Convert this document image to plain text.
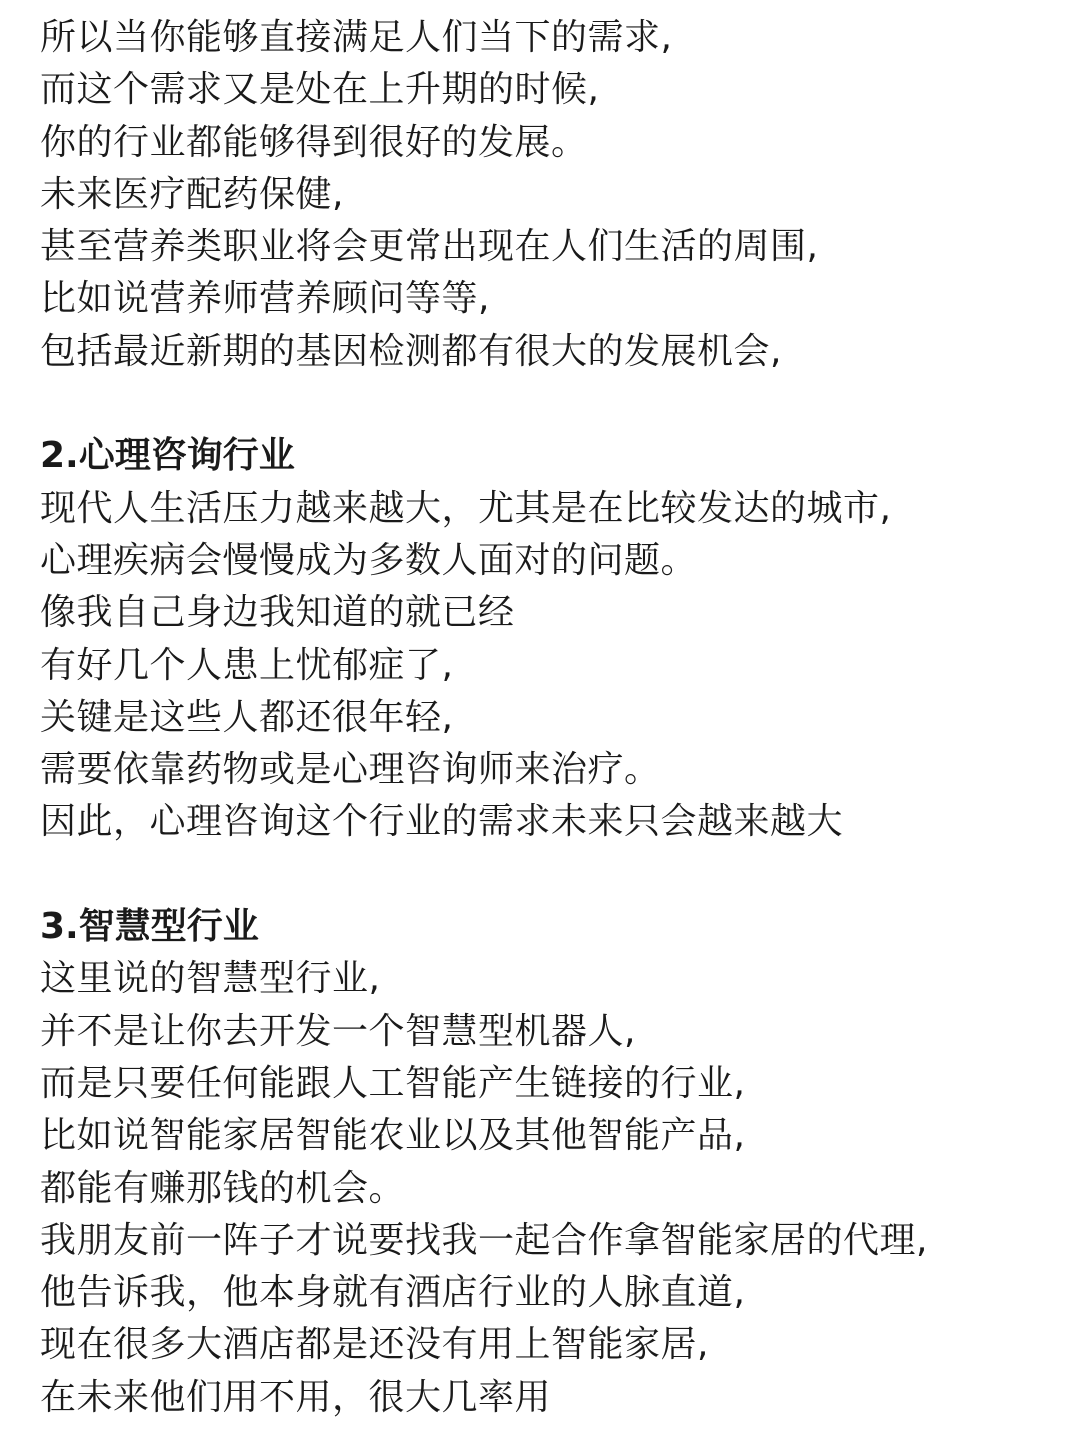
所以当你能够直接满足人们当下的需求,
而这个需求又是处在上升期的时候,
你的行业都能够得到很好的发展。
未来医疗配药保健,
甚至营养类职业将会更常出现在人们生活的周围,
比如说营养师营养顾问等等,
包括最近新期的基因检测都有很大的发展机会,
2.心理咨询行业
现代人生活压力越来越大，尤其是在比较发达的城市,
心理疾病会慢慢成为多数人面对的问题。
像我自己身边我知道的就已经
有好几个人患上忧郁症了,
关键是这些人都还很年轻,
需要依靠药物或是心理咨询师来治疗。
因此，心理咨询这个行业的需求未来只会越来越大
3.智慧型行业
这里说的智慧型行业,
并不是让你去开发一个智慧型机器人,
而是只要任何能跟人工智能产生链接的行业,
比如说智能家居智能农业以及其他智能产品,
都能有赚那钱的机会。
我朋友前一阵子才说要找我一起合作拿智能家居的代理,
他告诉我，他本身就有酒店行业的人脉直道,
现在很多大酒店都是还没有用上智能家居,
在未来他们用不用，很大几率用
